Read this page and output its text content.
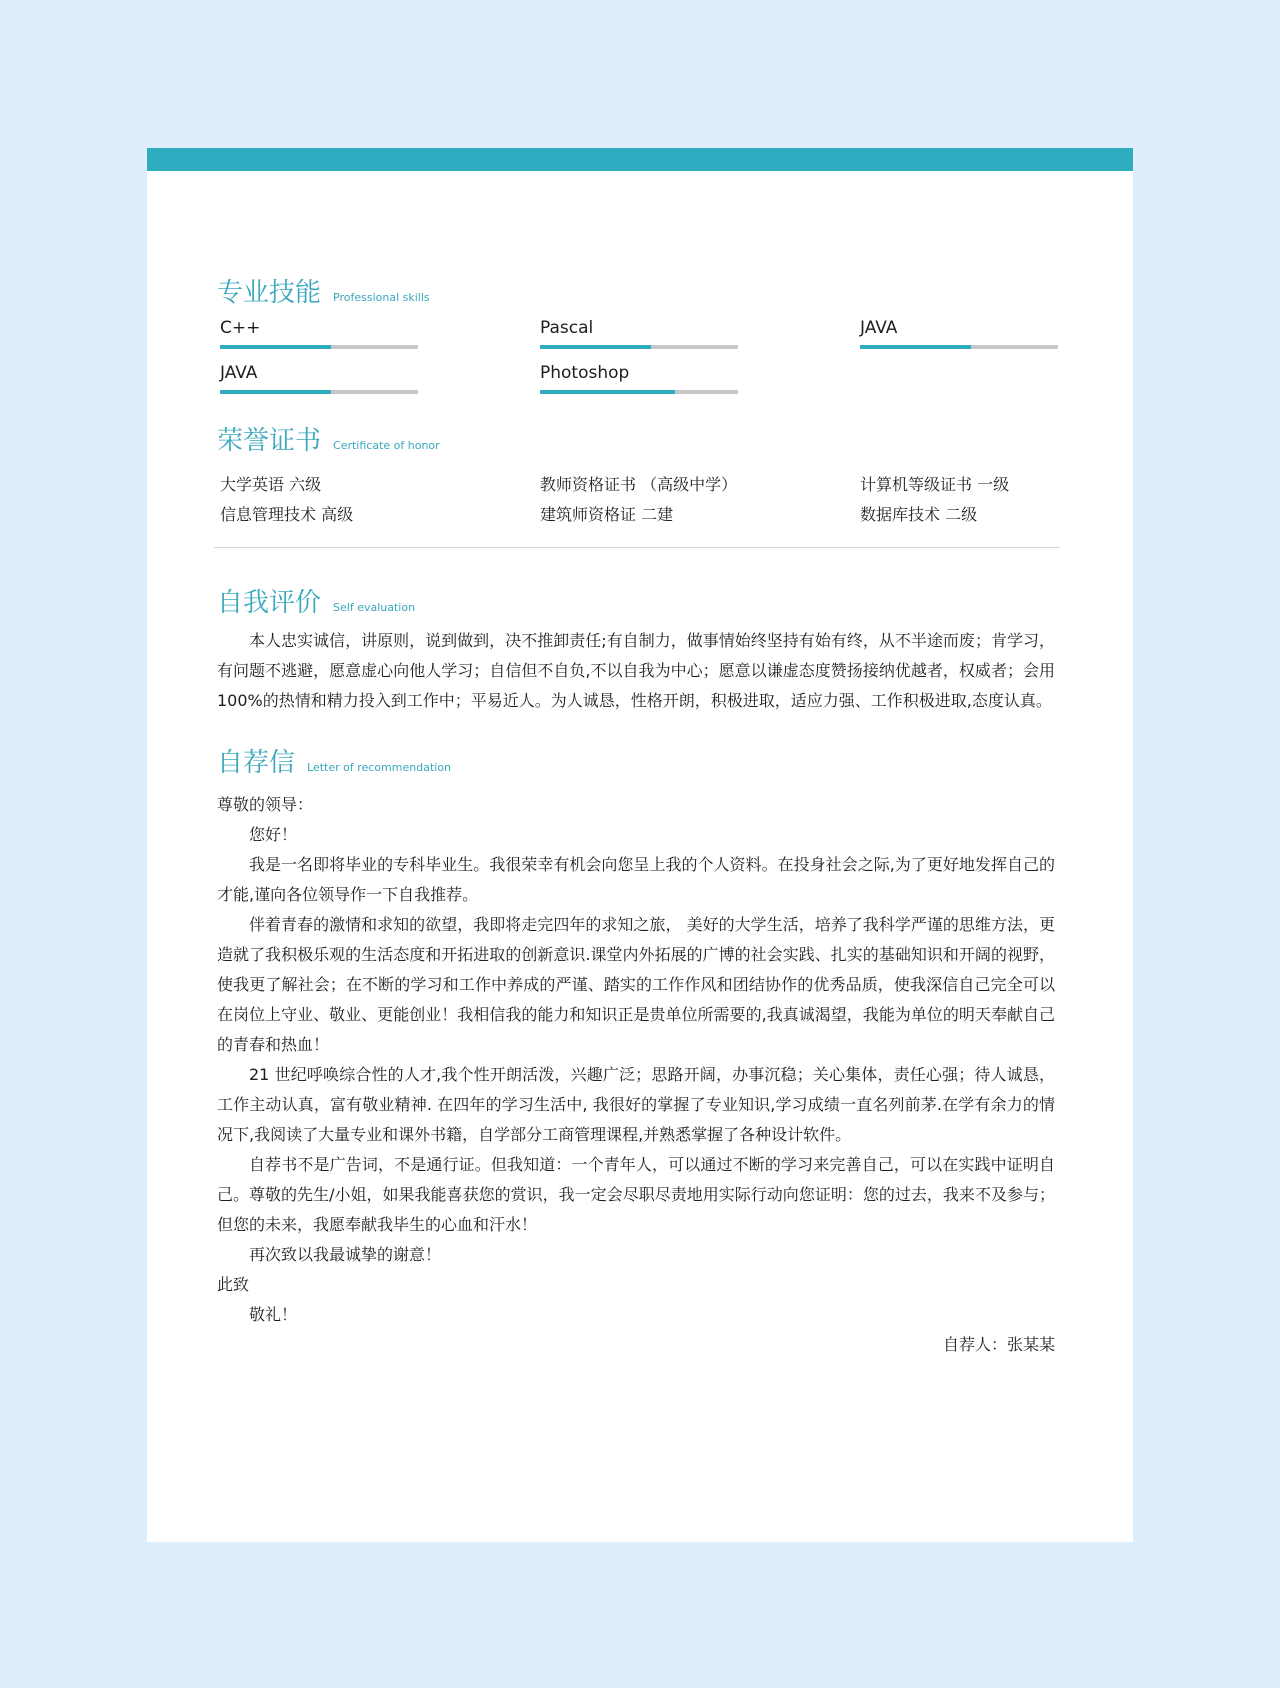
专业技能 Professional skills
C++	Pascal	JAVA
JAVA	Photoshop
荣誉证书 Certificate of honor
大学英语 六级	教师资格证书 （高级中学）	计算机等级证书 一级
信息管理技术 高级	建筑师资格证 二建	数据库技术 二级
自我评价 Self evaluation

本人忠实诚信，讲原则，说到做到，决不推卸责任;有自制力，做事情始终坚持有始有终，从不半途而废；肯学习，有问题不逃避，愿意虚心向他人学习；自信但不自负,不以自我为中心；愿意以谦虚态度赞扬接纳优越者，权威者；会用 100%的热情和精力投入到工作中；平易近人。为人诚恳，性格开朗，积极进取，适应力强、工作积极进取,态度认真。

自荐信 Letter of recommendation

尊敬的领导：

您好！

我是一名即将毕业的专科毕业生。我很荣幸有机会向您呈上我的个人资料。在投身社会之际,为了更好地发挥自己的才能,谨向各位领导作一下自我推荐。

伴着青春的激情和求知的欲望，我即将走完四年的求知之旅， 美好的大学生活，培养了我科学严谨的思维方法，更造就了我积极乐观的生活态度和开拓进取的创新意识.课堂内外拓展的广博的社会实践、扎实的基础知识和开阔的视野，使我更了解社会；在不断的学习和工作中养成的严谨、踏实的工作作风和团结协作的优秀品质，使我深信自己完全可以在岗位上守业、敬业、更能创业！我相信我的能力和知识正是贵单位所需要的,我真诚渴望，我能为单位的明天奉献自己的青春和热血！

21 世纪呼唤综合性的人才,我个性开朗活泼，兴趣广泛；思路开阔，办事沉稳；关心集体，责任心强；待人诚恳，工作主动认真，富有敬业精神. 在四年的学习生活中, 我很好的掌握了专业知识,学习成绩一直名列前茅.在学有余力的情况下,我阅读了大量专业和课外书籍，自学部分工商管理课程,并熟悉掌握了各种设计软件。

自荐书不是广告词，不是通行证。但我知道：一个青年人，可以通过不断的学习来完善自己，可以在实践中证明自己。尊敬的先生/小姐，如果我能喜获您的赏识，我一定会尽职尽责地用实际行动向您证明：您的过去，我来不及参与；但您的未来，我愿奉献我毕生的心血和汗水！

再次致以我最诚挚的谢意！

此致

敬礼！

自荐人：张某某
